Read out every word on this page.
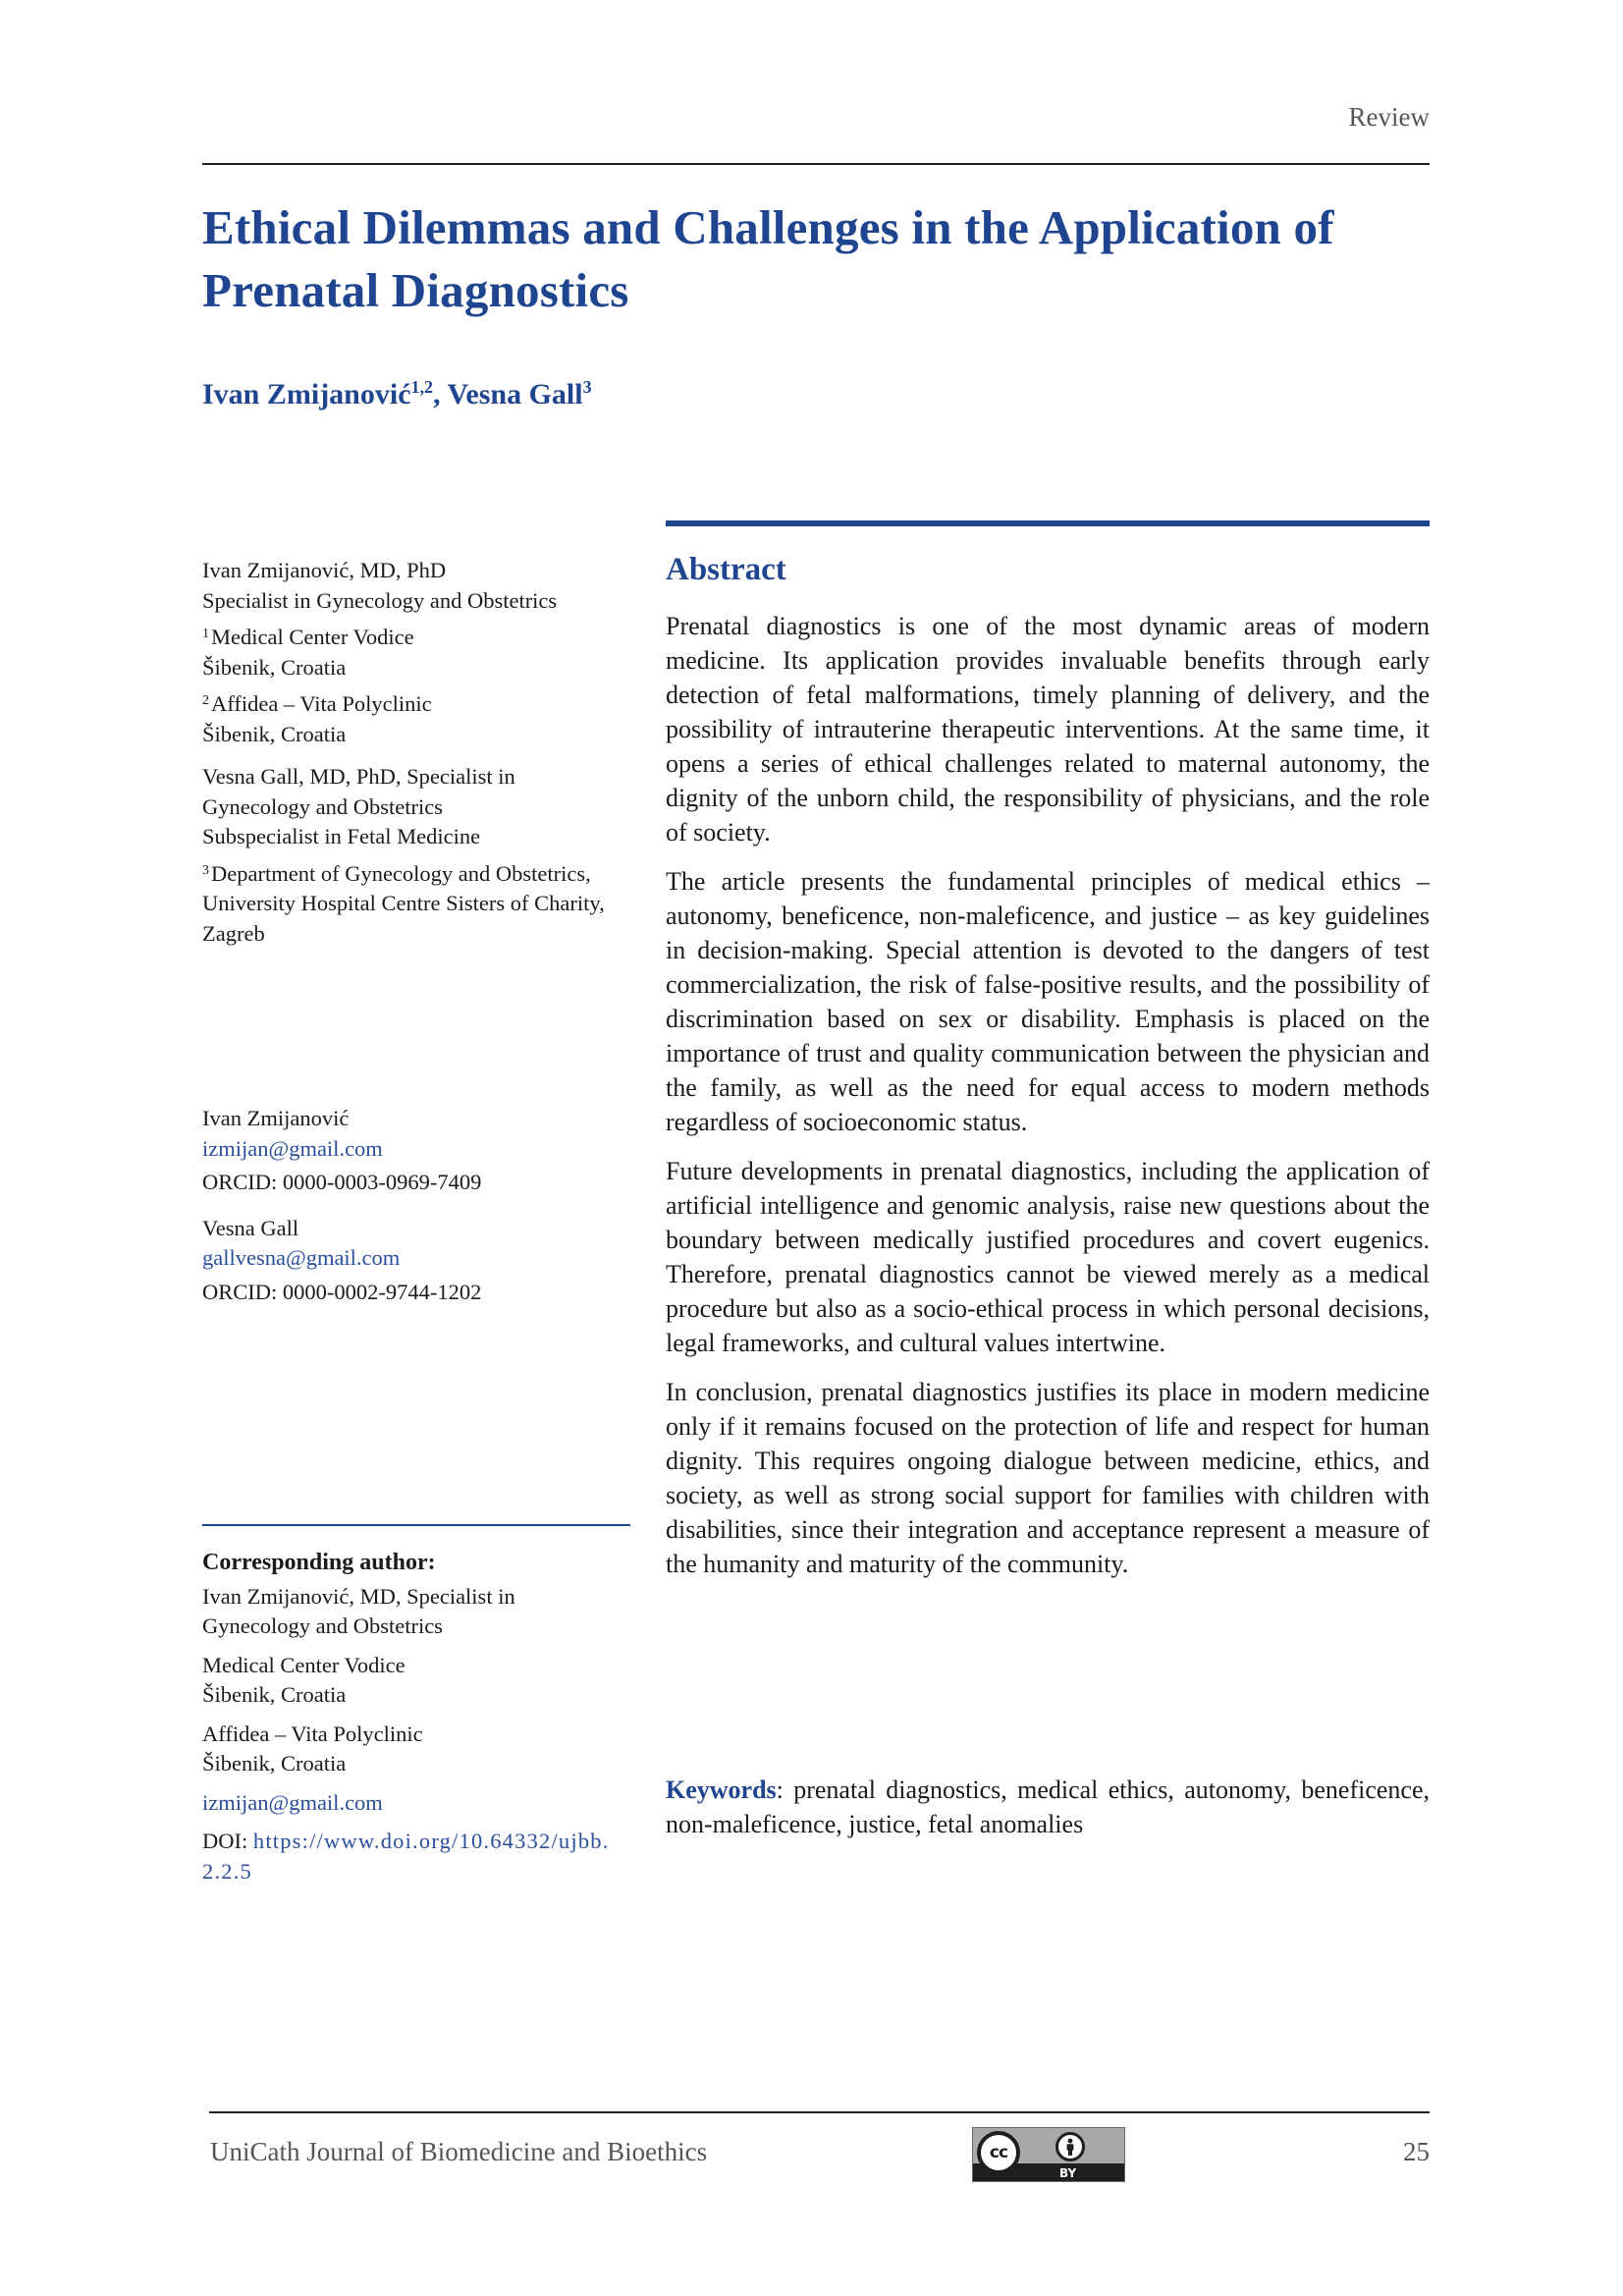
Review
Ethical Dilemmas and Challenges in the Application of Prenatal Diagnostics
Ivan Zmijanović$^{1,2}$, Vesna Gall$^3$
Ivan Zmijanović, MD, PhD
Specialist in Gynecology and Obstetrics
$^1$Medical Center Vodice
Šibenik, Croatia
$^2$Affidea – Vita Polyclinic
Šibenik, Croatia
Vesna Gall, MD, PhD, Specialist in Gynecology and Obstetrics
Subspecialist in Fetal Medicine
$^3$Department of Gynecology and Obstetrics, University Hospital Centre Sisters of Charity, Zagreb
Ivan Zmijanović
izmijan@gmail.com
ORCID: 0000-0003-0969-7409
Vesna Gall
gallvesna@gmail.com
ORCID: 0000-0002-9744-1202
Corresponding author:
Ivan Zmijanović, MD, Specialist in Gynecology and Obstetrics
Medical Center Vodice
Šibenik, Croatia
Affidea – Vita Polyclinic
Šibenik, Croatia
izmijan@gmail.com
DOI: https://www.doi.org/10.64332/ujbb.2.2.5
Abstract

Prenatal diagnostics is one of the most dynamic areas of modern medicine. Its application provides invaluable benefits through early detection of fetal malformations, timely planning of delivery, and the possibility of intrauterine therapeutic interventions. At the same time, it opens a series of ethical challenges related to maternal autonomy, the dignity of the unborn child, the responsibility of physicians, and the role of society.

The article presents the fundamental principles of medical ethics – autonomy, beneficence, non-maleficence, and justice – as key guidelines in decision-making. Special attention is devoted to the dangers of test commercialization, the risk of false-positive results, and the possibility of discrimination based on sex or disability. Emphasis is placed on the importance of trust and quality communication between the physician and the family, as well as the need for equal access to modern methods regardless of socioeconomic status.

Future developments in prenatal diagnostics, including the application of artificial intelligence and genomic analysis, raise new questions about the boundary between medically justified procedures and covert eugenics. Therefore, prenatal diagnostics cannot be viewed merely as a medical procedure but also as a socio-ethical process in which personal decisions, legal frameworks, and cultural values intertwine.

In conclusion, prenatal diagnostics justifies its place in modern medicine only if it remains focused on the protection of life and respect for human dignity. This requires ongoing dialogue between medicine, ethics, and society, as well as strong social support for families with children with disabilities, since their integration and acceptance represent a measure of the humanity and maturity of the community.

Keywords: prenatal diagnostics, medical ethics, autonomy, beneficence, non-maleficence, justice, fetal anomalies
UniCath Journal of Biomedicine and Bioethics	cc
BY
25
